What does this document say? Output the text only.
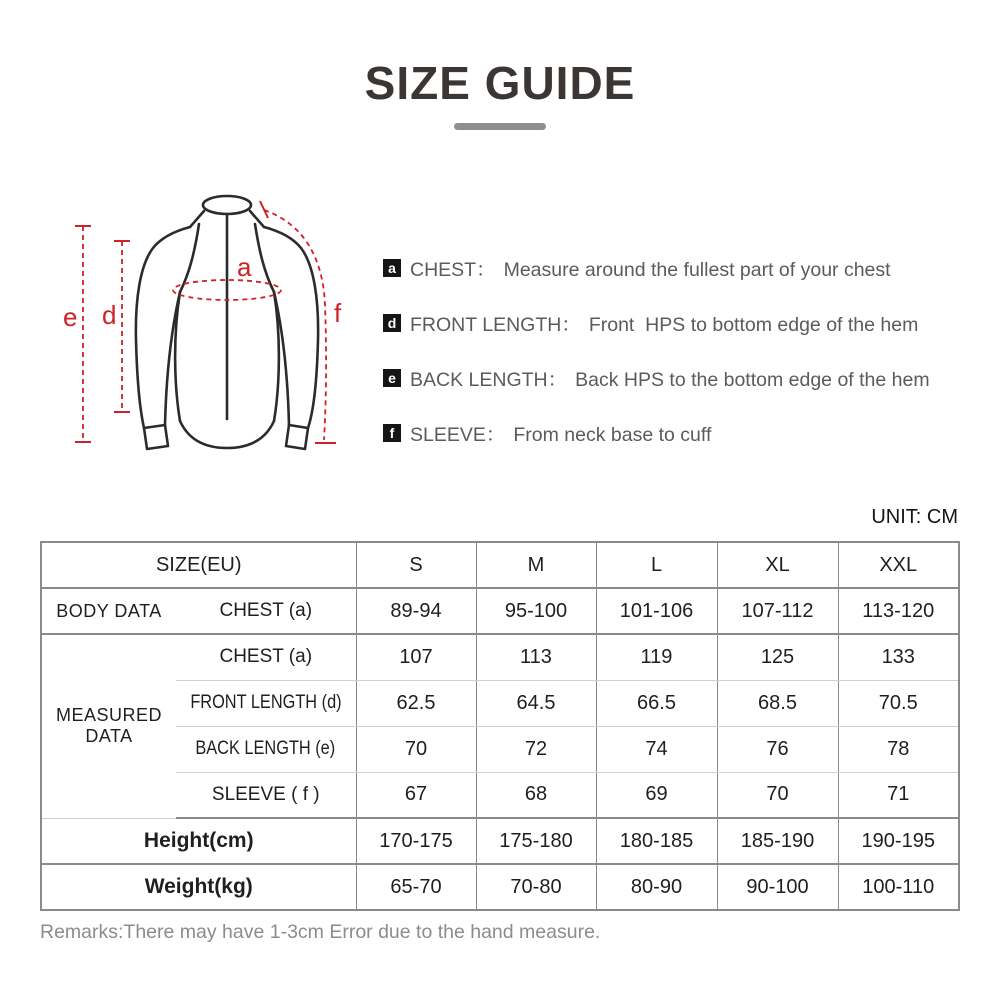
SIZE GUIDE
e d
a
f
a CHEST： Measure around the fullest part of your chest
d FRONT LENGTH： Front  HPS to bottom edge of the hem
e BACK LENGTH： Back HPS to the bottom edge of the hem
f SLEEVE： From neck base to cuff
UNIT: CM
SIZE(EU)		S	M	L	XL	XXL
BODY DATA	CHEST (a)	89-94	95-100	101-106	107-112	113-120
MEASURED DATA	CHEST (a)	107	113	119	125	133
	FRONT LENGTH (d)	62.5	64.5	66.5	68.5	70.5
	BACK LENGTH (e)	70	72	74	76	78
	SLEEVE ( f )	67	68	69	70	71
Height(cm)		170-175	175-180	180-185	185-190	190-195
Weight(kg)		65-70	70-80	80-90	90-100	100-110
Remarks:There may have 1-3cm Error due to the hand measure.
